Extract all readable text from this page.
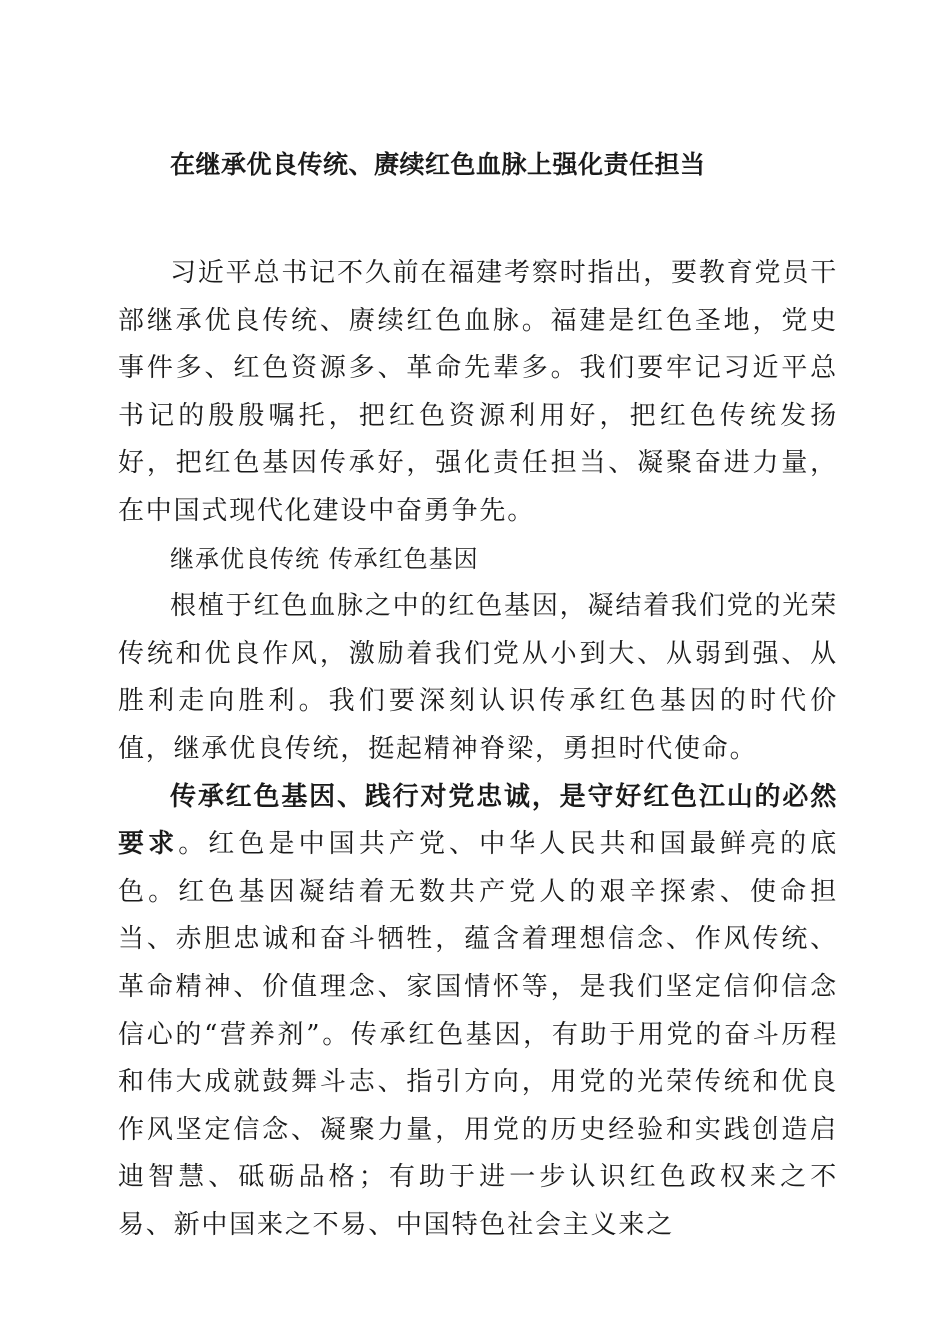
在继承优良传统、赓续红色血脉上强化责任担当

习近平总书记不久前在福建考察时指出，要教育党员干部继承优良传统、赓续红色血脉。福建是红色圣地，党史事件多、红色资源多、革命先辈多。我们要牢记习近平总书记的殷殷嘱托，把红色资源利用好，把红色传统发扬好，把红色基因传承好，强化责任担当、凝聚奋进力量，在中国式现代化建设中奋勇争先。

继承优良传统 传承红色基因

根植于红色血脉之中的红色基因，凝结着我们党的光荣传统和优良作风，激励着我们党从小到大、从弱到强、从胜利走向胜利。我们要深刻认识传承红色基因的时代价值，继承优良传统，挺起精神脊梁，勇担时代使命。

传承红色基因、践行对党忠诚，是守好红色江山的必然要求。红色是中国共产党、中华人民共和国最鲜亮的底色。红色基因凝结着无数共产党人的艰辛探索、使命担当、赤胆忠诚和奋斗牺牲，蕴含着理想信念、作风传统、革命精神、价值理念、家国情怀等，是我们坚定信仰信念信心的“营养剂”。传承红色基因，有助于用党的奋斗历程和伟大成就鼓舞斗志、指引方向，用党的光荣传统和优良作风坚定信念、凝聚力量，用党的历史经验和实践创造启迪智慧、砥砺品格；有助于进一步认识红色政权来之不易、新中国来之不易、中国特色社会主义来之
